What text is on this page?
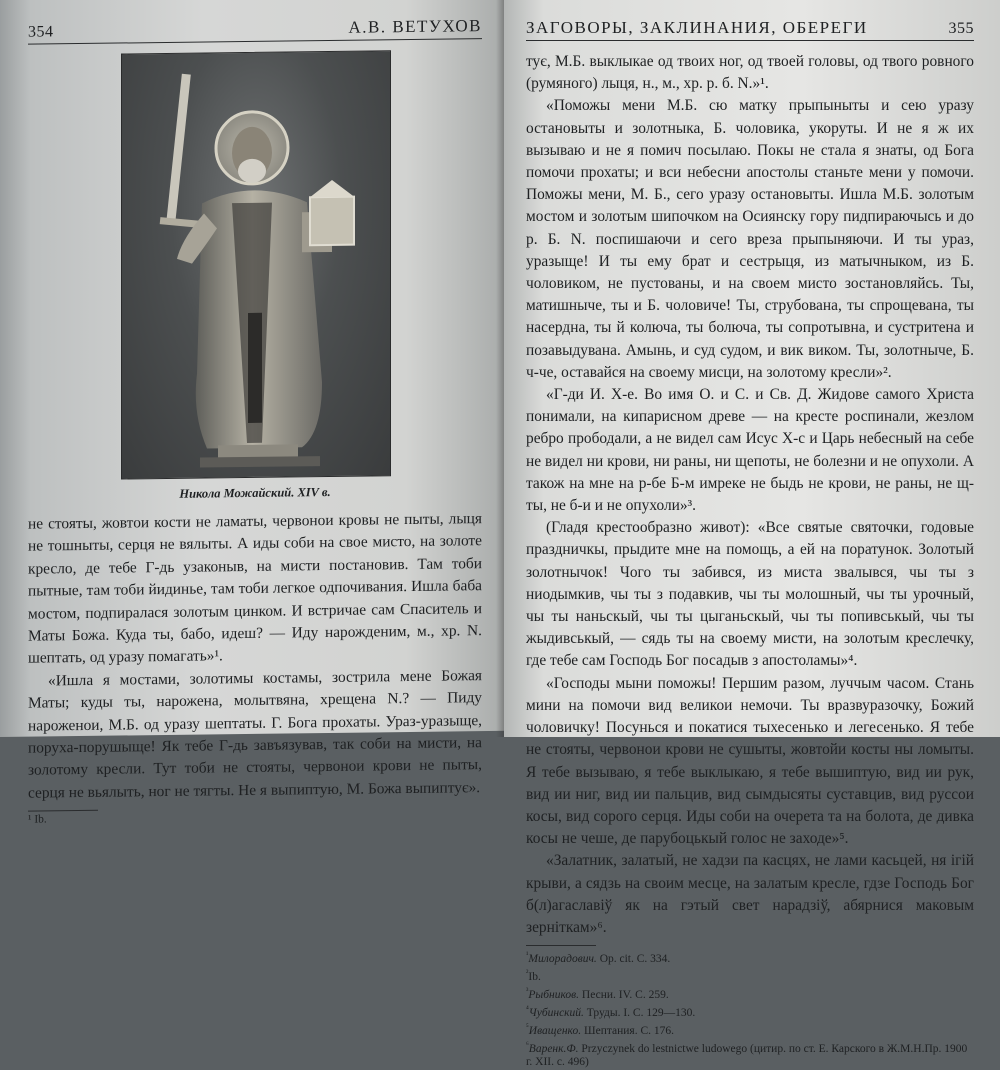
354	А.В. ВЕТУХОВ
Никола Можайский. XIV в.

не стояты, жовтои кости не ламаты, червонои кровы не пыты, лыця не тошныты, серця не вялыты. А иды соби на свое мисто, на золоте кресло, де тебе Г-дь узаконыв, на мисти постановив. Там тоби пытныe, там тоби йидинье, там тоби легкое одпочивания. Ишла баба мостом, подпиралася золотым цинком. И встричае сам Спаситель и Маты Божа. Куда ты, бабо, идеш? — Иду нарожденим, м., хр. N. шептать, од уразу помагать»¹.

«Ишла я мостами, золотимы костамы, зострила мене Божая Маты; куды ты, нарожена, молытвяна, хрещена N.? — Пиду нароженои, М.Б. од уразу шептаты. Г. Бога прохаты. Ураз-уразыще, поруха-порушыще! Як тебе Г-дь завъязував, так соби на мисти, на золотому кресли. Тут тоби не стояты, червонои крови не пыты, серця не вьялыть, ног не тягты. Не я выпиптую, М. Божа выпиптує».

¹ Ib.
ЗАГОВОРЫ, ЗАКЛИНАНИЯ, ОБЕРЕГИ	355

тує, М.Б. выклыкае од твоих ног, од твоей головы, од твого ровного (румяного) лыця, н., м., хр. р. б. N.»¹.

«Поможы мени М.Б. сю матку прыпыныты и сею уразу остановыты и золотныка, Б. чоловика, укоруты. И не я ж их вызываю и не я помич посылаю. Покы не стала я знаты, од Бога помочи прохаты; и вси небесни апостолы станьте мени у помочи. Поможы мени, М. Б., сего уразу остановыты. Ишла М.Б. золотым мостом и золотым шипочком на Осиянску гору пидпираючысь и до р. Б. N. поспишаючи и сего вреза прыпыняючи. И ты ураз, уразыще! И ты ему брат и сестрыця, из матычныком, из Б. чоловиком, не пустованы, и на своем мисто зостановляйсь. Ты, матишныче, ты и Б. чоловиче! Ты, струбована, ты спрощевана, ты насердна, ты й колюча, ты болюча, ты сопротывна, и сустритена и позавыдувана. Амынь, и суд судом, и вик виком. Ты, золотныче, Б. ч-че, оставайся на своему мисци, на золотому кресли»².

«Г-ди И. Х-е. Во имя О. и С. и Св. Д. Жидове самого Христа понимали, на кипарисном древе — на кресте роспинали, жезлом ребро прободали, а не видел сам Исус Х-с и Царь небесный на себе не видел ни крови, ни раны, ни щепоты, не болезни и не опухоли. А також на мне на р-бе Б-м имреке не быдь не крови, не раны, не щ-ты, не б-и и не опухоли»³.

(Гладя крестообразно живот): «Все святые святочки, годовые праздничкы, прыдите мне на помощь, а ей на поратунок. Золотый золотнычок! Чого ты забився, из миста звалывся, чы ты з ниодымкив, чы ты з подавкив, чы ты молошный, чы ты урочный, чы ты наньскый, чы ты цыганьскый, чы ты попивськый, чы ты жыдивськый, — сядь ты на своему мисти, на золотым креслечку, где тебе сам Господь Бог посадыв з апостоламы»⁴.

«Господы мыни поможы! Першим разом, луччым часом. Стань мини на помочи вид великои немочи. Ты вразвуразочку, Божий чоловичку! Посунься и покатися тыхесенько и легесенько. Я тебе не стояты, червонои крови не сушыты, жовтойи косты ны ломыты. Я тебе вызываю, я тебе выклыкаю, я тебе вышиптую, вид ии рук, вид ии ниг, вид ии пальцив, вид сымдысяты суставцив, вид руссои косы, вид сорого серця. Иды соби на очерета та на болота, де дивка косы не чеше, де парубоцькый голос не заходе»⁵.

«Залатник, залатый, не хадзи па касцях, не лами касьцей, ня iгiй крыви, а сядзь на своим месце, на залатым кресле, гдзе Господь Бог б(л)агаславiў як на гэтый свет нарадзiў, абярнися маковым зернiткам»⁶.

$^{^1}$Милорадович. Ор. cit. С. 334.
$^{^2}$Ib.
$^{^3}$Рыбников. Песни. IV. С. 259.
$^{^4}$Чубинский. Труды. I. С. 129—130.
$^{^5}$Иващенко. Шептания. С. 176.
$^{^6}$Варенк.Ф. Przyczynek do lestnictwe ludowego (цитир. по ст. Е. Карского в Ж.М.Н.Пр. 1900 г. XII. с. 496)
